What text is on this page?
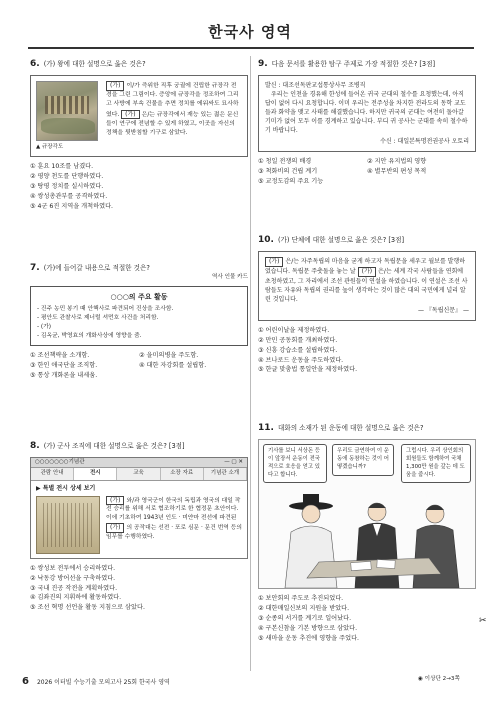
한국사 영역
6. (가) 왕에 대한 설명으로 옳은 것은?
▲ 규장각도
(가) 이/가 즉위한 직후 궁궐에 건립한 규장각 전경을 그린 그림이다. 증앙에 규장각을 정조하여 그리고 사방에 부속 건물을 추면 정치를 에워싸도 묘사하였다. (가) 은/는 규장각에서 재능 있는 젊은 문신들이 연구에 전념할 수 있게 하였고, 이곳을 자신의 정책을 뒷받침할 기구로 삼았다.
① 훈요 10조를 남겼다.
② 평양 천도를 단행하였다.
③ 탕평 정치를 실시하였다.
④ 쌍성총관부를 공격하였다.
⑤ 4군 6진 지역을 개척하였다.
7. (가)에 들어갈 내용으로 적절한 것은?
역사 인물 카드
○○○의 주요 활동
- 진주 농민 봉기 때 안핵사로 파견되어 진상을 조사함.
- 평안도 관찰사로 제너럴 셔먼호 사건을 처리함.
- (가)
- 김옥균, 박영효의 개화사상에 영향을 줌.
① 조선책략을 소개함.	② 을미의병을 주도함.
③ 한인 애국단을 조직함.	④ 대한 자강회를 설립함.
⑤ 통상 개화론을 내세움.
8. (가) 군사 조직에 대한 설명으로 옳은 것은? [3점]
○○○○○○○기념관	— ▢ ✕
관람 안내	전시	교육	소장 자료	기념관 소개
▶ 특별 전시 상세 보기
(가) 와/과 영국군이 한국의 독립과 영국의 대일 작전 승리를 위해 서로 협조하기로 한 협정문 초안이다. 이에 기초하여 1943년 인도 · 미얀마 전선에 파견된 (가) 의 공작대는 선전 · 포로 심문 · 문건 번역 등의 임무를 수행하였다.
① 쌍성보 전투에서 승리하였다.
② 낙동강 방어선을 구축하였다.
③ 국내 진공 작전을 계획하였다.
④ 김좌진의 지휘하에 활동하였다.
⑤ 조선 혁명 선언을 활동 지침으로 삼았다.
9. 다음 문서를 활용한 탐구 주제로 가장 적절한 것은? [3점]
발신 : 대조선독판교섭통상사무 조병직
우리는 인천을 경유해 한성에 들어온 귀국 군대의 철수를 요청했는데, 아직 답이 없어 다시 요청합니다. 이미 우리는 전주성을 차지한 전라도의 동학 교도들과 화약을 맺고 사태를 해결했습니다. 하지만 귀국의 군대는 여전히 돌아갈 기미가 없어 모두 이를 경계하고 있습니다. 부디 귀 공사는 군대를 속히 철수하기 바랍니다.
수신 : 대일본특명전권공사 오토리
① 청일 전쟁의 배경	② 지안 유지법의 영향
③ 척화비의 건립 계기	④ 별무반의 편성 목적
⑤ 교정도감의 주요 기능
10. (가) 단체에 대한 설명으로 옳은 것은? [3점]
(가) 은/는 자주독립의 마음을 굳게 하고자 독립문을 세우고 월보를 발행하였습니다. 독립문 주춧돌을 놓는 날 (가) 은/는 세계 각국 사람들을 연회에 초청하였고, 그 자리에서 조선 관원들이 연설을 하였습니다. 이 연설은 조선 사람들도 자유와 독립의 권리를 높이 생각하는 것이 많은 대의 국민에게 널리 알린 것입니다.
— 『독립신문』 —
① 어린이날을 제정하였다.
② 만민 공동회를 개최하였다.
③ 신흥 강습소를 설립하였다.
④ 브나로드 운동을 주도하였다.
⑤ 한글 맞춤법 통일안을 제정하였다.
11. 대화의 소재가 된 운동에 대한 설명으로 옳은 것은?
기사를 보니 서상돈 등이 앞장서 운동이 전국적으로 호응을 얻고 있다고 합니다.
우리도 금연하여 이 운동에 동참하는 것이 어떻겠습니까?
그럽시다. 우리 상인회의 회원들도 함께하여 국채 1,300만 원을 갚는 데 도움을 줍시다.
① 보안회의 주도로 추진되었다.
② 대한매일신보의 지원을 받았다.
③ 순종의 서거를 계기로 일어났다.
④ 구본신참을 기본 방향으로 삼았다.
⑤ 새마을 운동 추진에 영향을 주었다.
✂
6 2026 이터빌 수능기출 모의고사 25회 한국사 영역	◉ 이상단 2→3쪽
